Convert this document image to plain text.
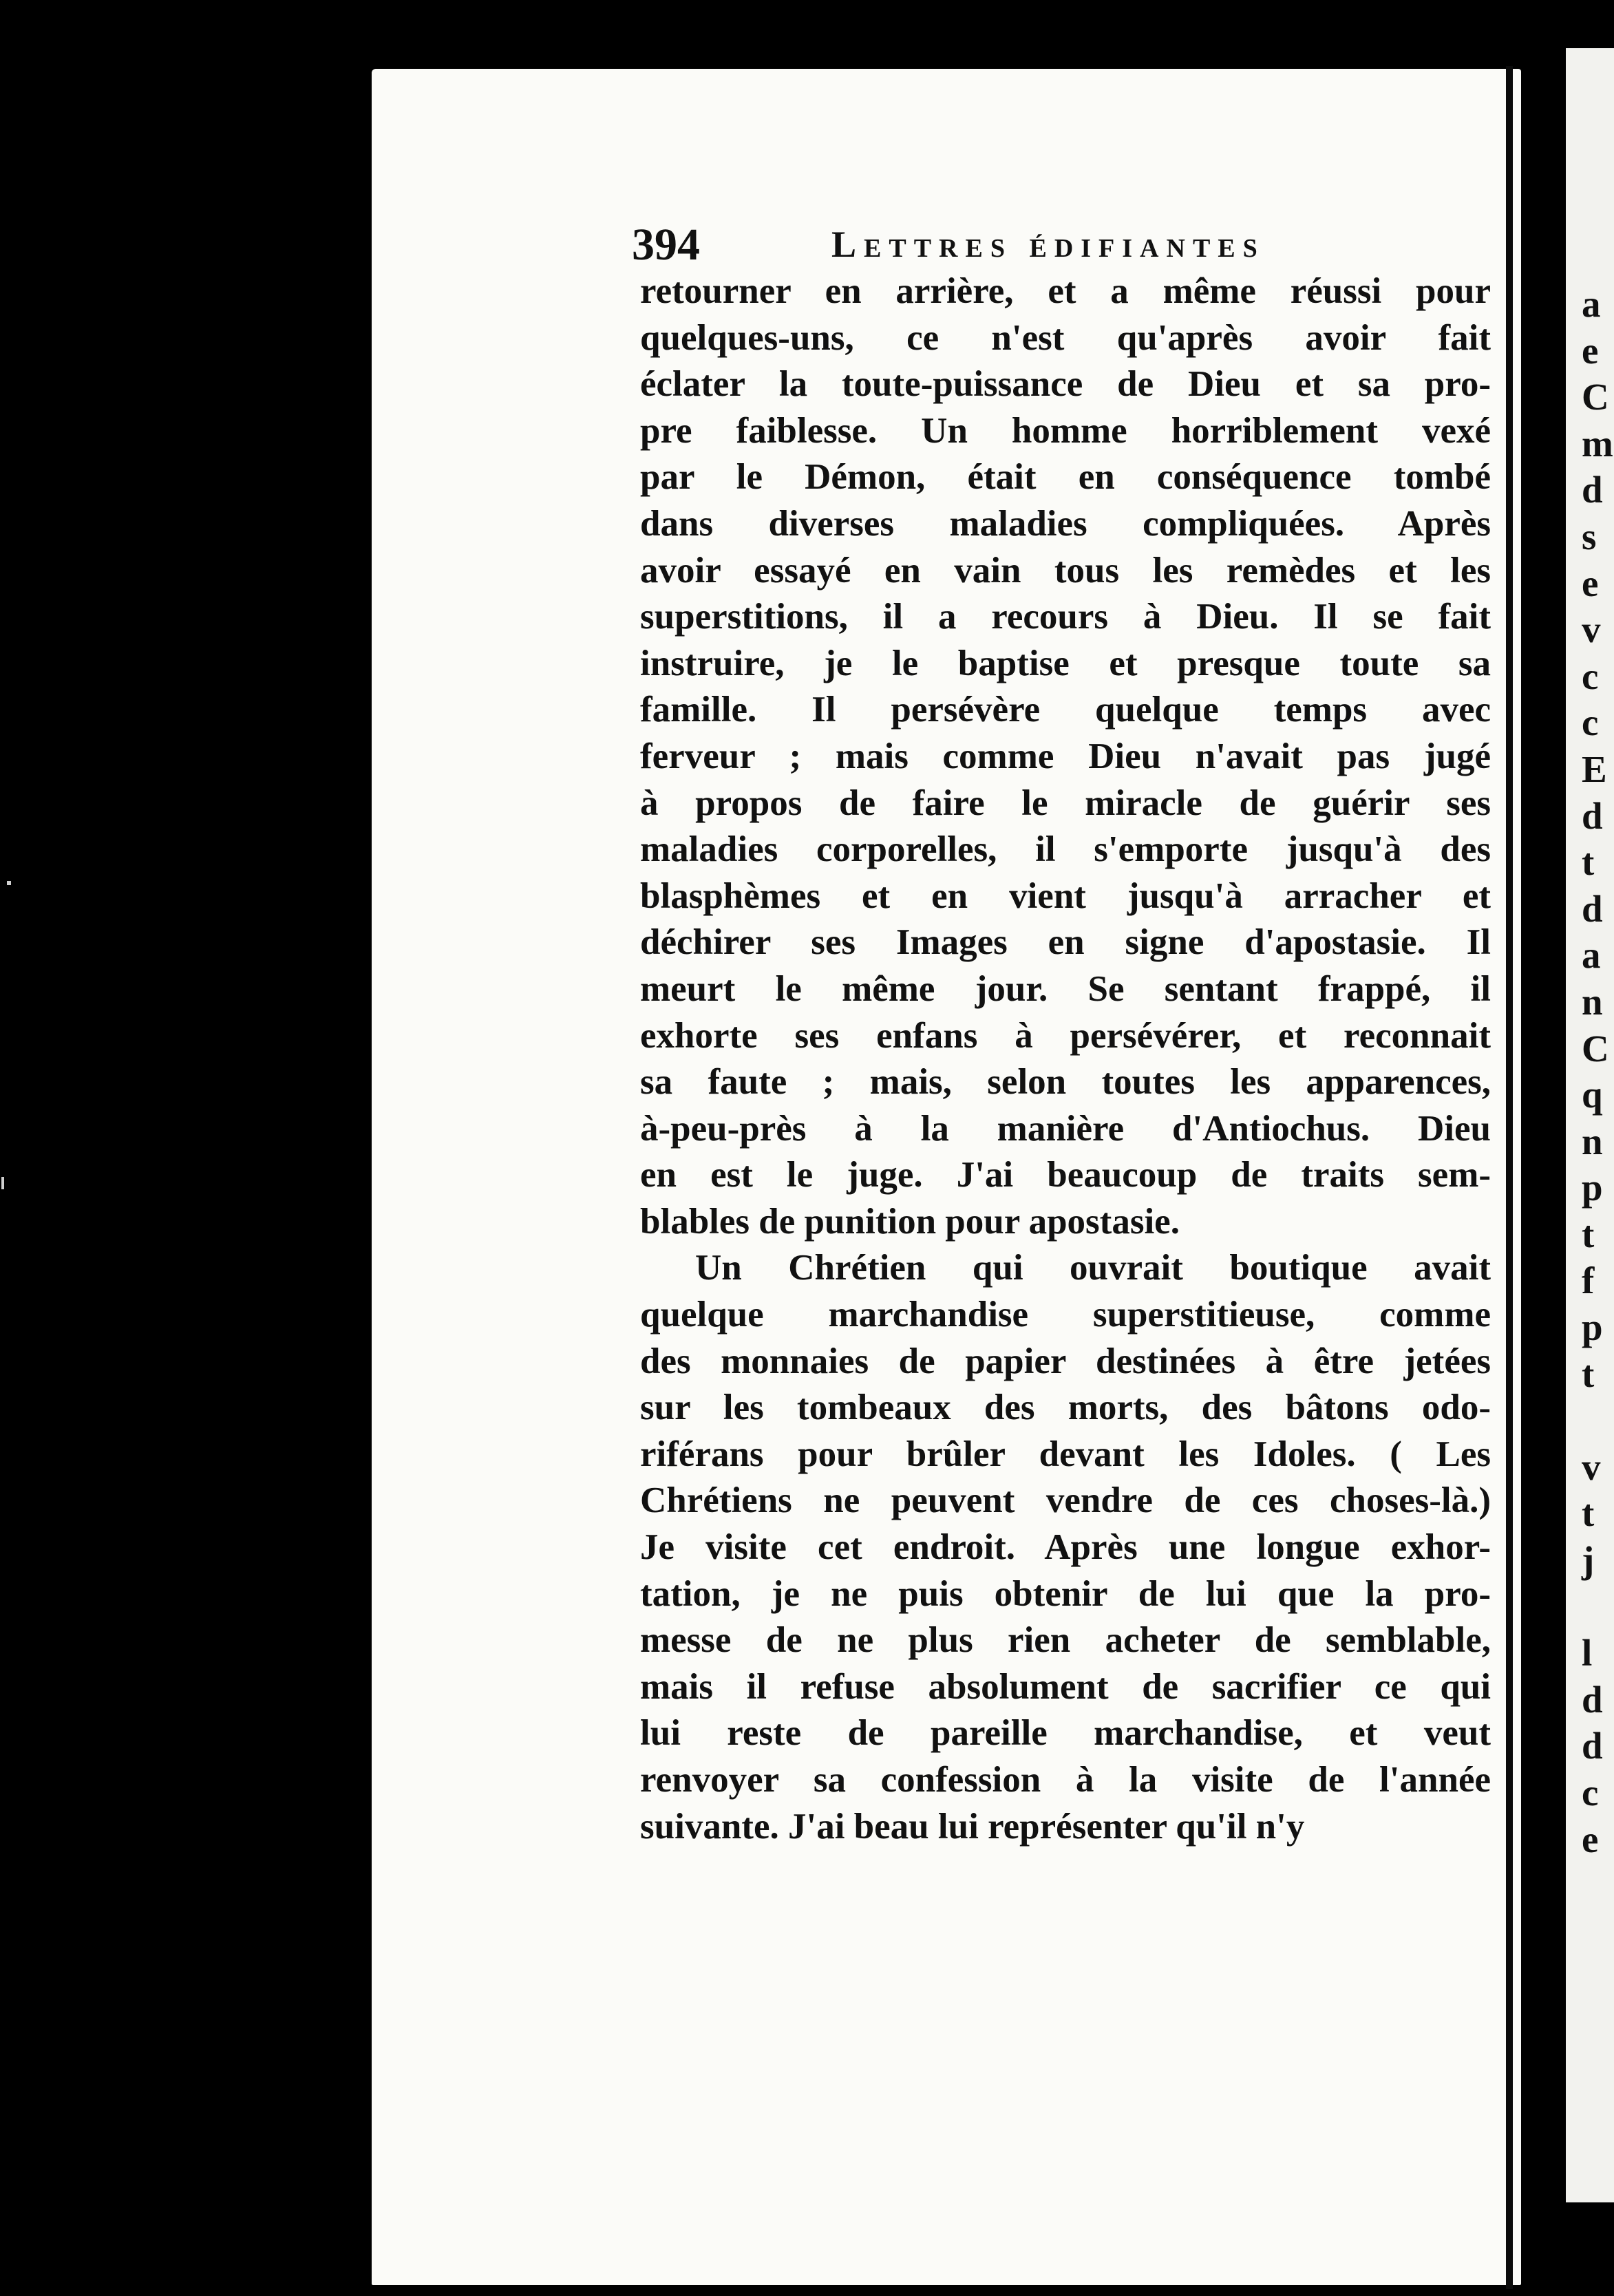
a
e
C
m
d
s
e
v
c
c
E
d
t
d
a
n
C
q
n
p
t
f
p
t
v
t
j
l
d
d
c
e
394	Lettres édifiantes
retourner en arrière, et a même réussi pour
quelques-uns, ce n'est qu'après avoir fait
éclater la toute-puissance de Dieu et sa pro-
pre faiblesse. Un homme horriblement vexé
par le Démon, était en conséquence tombé
dans diverses maladies compliquées. Après
avoir essayé en vain tous les remèdes et les
superstitions, il a recours à Dieu. Il se fait
instruire, je le baptise et presque toute sa
famille. Il persévère quelque temps avec
ferveur ; mais comme Dieu n'avait pas jugé
à propos de faire le miracle de guérir ses
maladies corporelles, il s'emporte jusqu'à des
blasphèmes et en vient jusqu'à arracher et
déchirer ses Images en signe d'apostasie. Il
meurt le même jour. Se sentant frappé, il
exhorte ses enfans à persévérer, et reconnait
sa faute ; mais, selon toutes les apparences,
à-peu-près à la manière d'Antiochus. Dieu
en est le juge. J'ai beaucoup de traits sem-
blables de punition pour apostasie.
Un Chrétien qui ouvrait boutique avait
quelque marchandise superstitieuse, comme
des monnaies de papier destinées à être jetées
sur les tombeaux des morts, des bâtons odo-
riférans pour brûler devant les Idoles. ( Les
Chrétiens ne peuvent vendre de ces choses-là.)
Je visite cet endroit. Après une longue exhor-
tation, je ne puis obtenir de lui que la pro-
messe de ne plus rien acheter de semblable,
mais il refuse absolument de sacrifier ce qui
lui reste de pareille marchandise, et veut
renvoyer sa confession à la visite de l'année
suivante. J'ai beau lui représenter qu'il n'y
